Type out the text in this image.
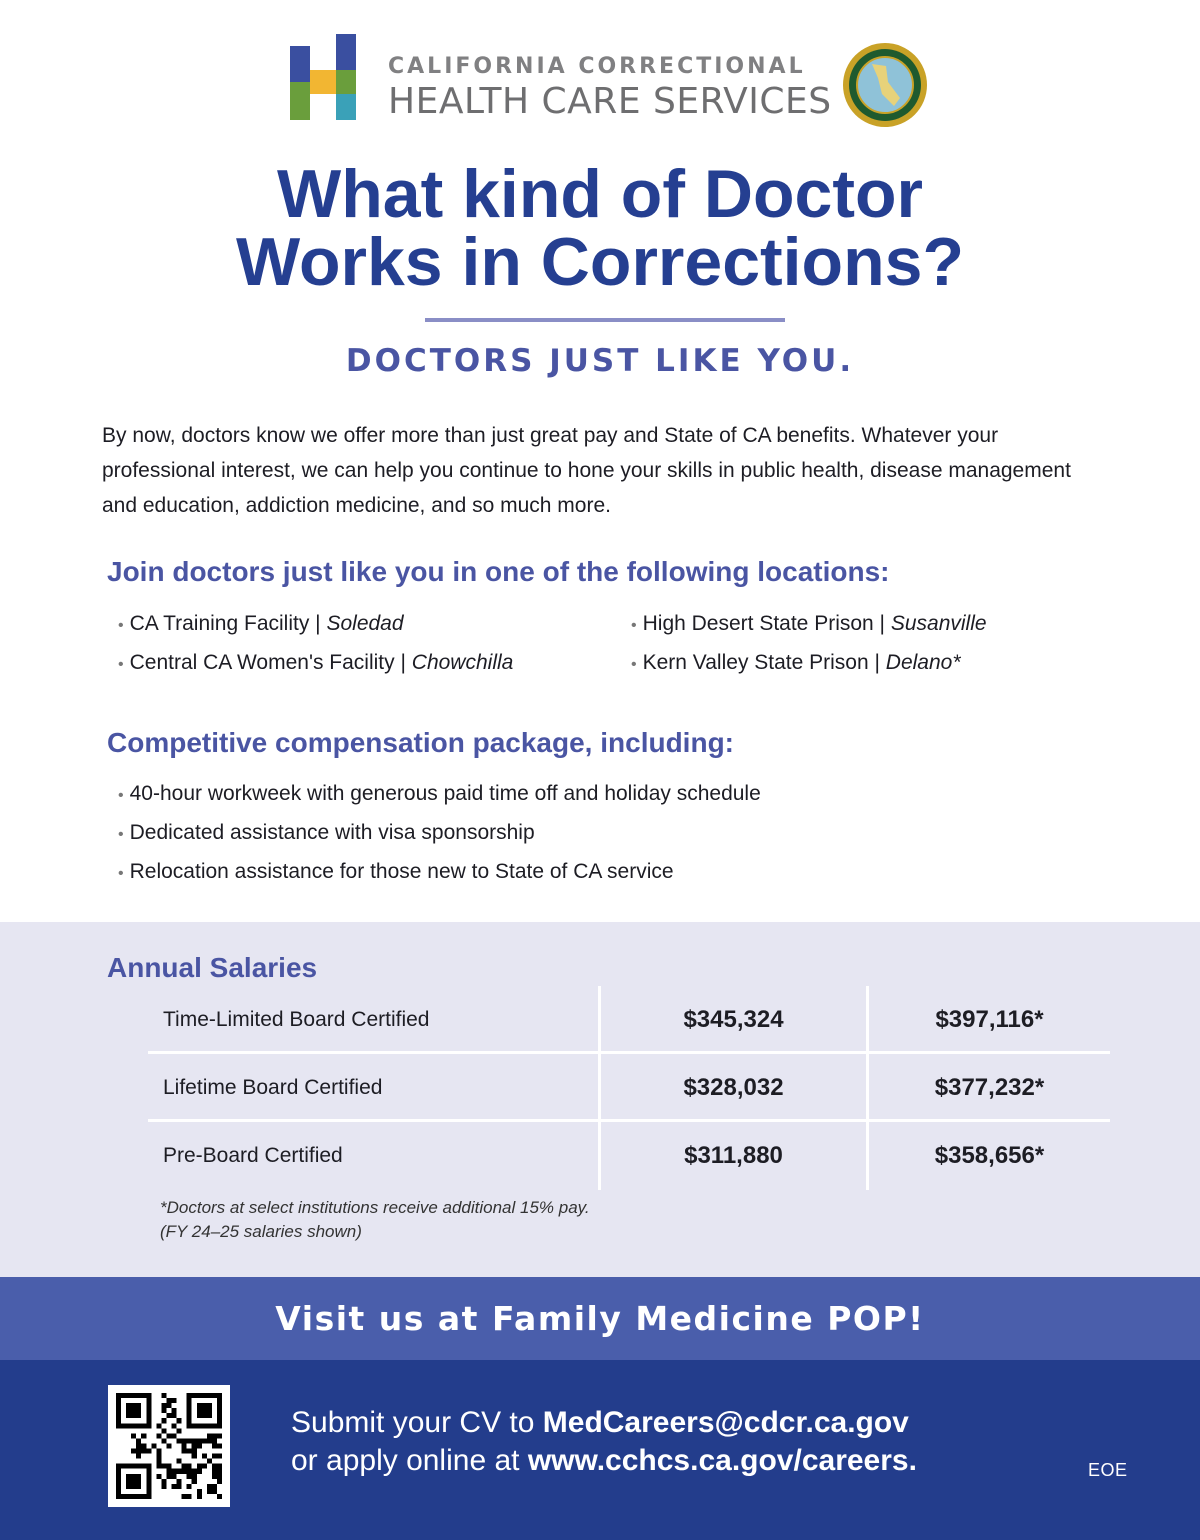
CALIFORNIA CORRECTIONAL
HEALTH CARE SERVICES
What kind of Doctor
Works in Corrections?
DOCTORS JUST LIKE YOU.

By now, doctors know we offer more than just great pay and State of CA benefits. Whatever your professional interest, we can help you continue to hone your skills in public health, disease management and education, addiction medicine, and so much more.

Join doctors just like you in one of the following locations:
• CA Training Facility | Soledad
• Central CA Women's Facility | Chowchilla
• High Desert State Prison | Susanville
• Kern Valley State Prison | Delano*
Competitive compensation package, including:
• 40-hour workweek with generous paid time off and holiday schedule
• Dedicated assistance with visa sponsorship
• Relocation assistance for those new to State of CA service
Annual Salaries
Time-Limited Board Certified	$345,324	$397,116*
Lifetime Board Certified	$328,032	$377,232*
Pre-Board Certified	$311,880	$358,656*
*Doctors at select institutions receive additional 15% pay.
(FY 24–25 salaries shown)
Visit us at Family Medicine POP!
Submit your CV to MedCareers@cdcr.ca.gov
or apply online at www.cchcs.ca.gov/careers.	EOE
